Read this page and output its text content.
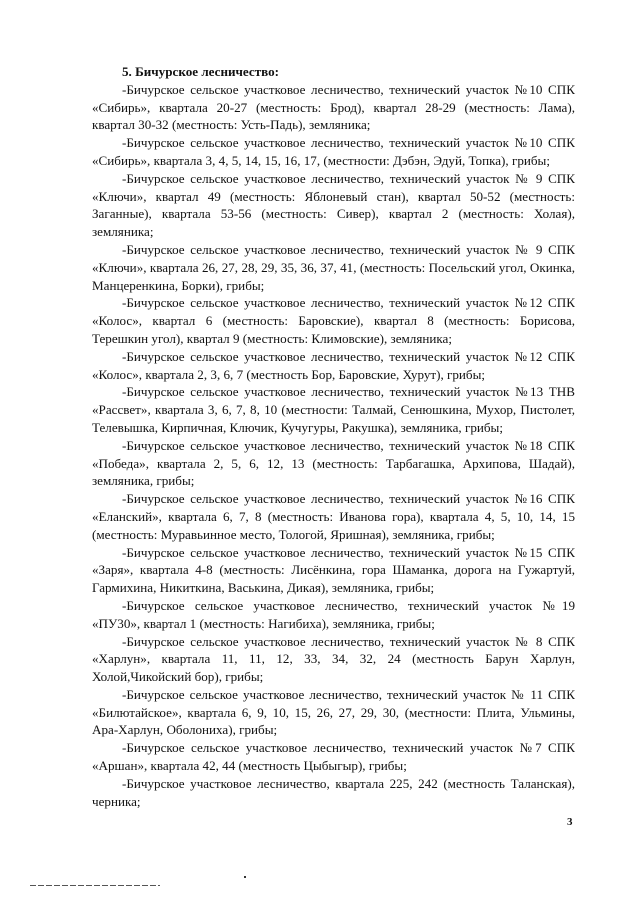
5. Бичурское лесничество:

-Бичурское сельское участковое лесничество, технический участок №10 СПК «Сибирь», квартала 20-27 (местность: Брод), квартал 28-29 (местность: Лама), квартал 30-32 (местность: Усть-Падь), земляника;

-Бичурское сельское участковое лесничество, технический участок №10 СПК «Сибирь», квартала 3, 4, 5, 14, 15, 16, 17, (местности: Дэбэн, Эдуй, Топка), грибы;

-Бичурское сельское участковое лесничество, технический участок № 9 СПК «Ключи», квартал 49 (местность: Яблоневый стан), квартал 50-52 (местность: Заганные), квартала 53-56 (местность: Сивер), квартал 2 (местность: Холая), земляника;

-Бичурское сельское участковое лесничество, технический участок № 9 СПК «Ключи», квартала 26, 27, 28, 29, 35, 36, 37, 41, (местность: Посельский угол, Окинка, Манцеренкина, Борки), грибы;

-Бичурское сельское участковое лесничество, технический участок №12 СПК «Колос», квартал 6 (местность: Баровские), квартал 8 (местность: Борисова, Терешкин угол), квартал 9 (местность: Климовские), земляника;

-Бичурское сельское участковое лесничество, технический участок №12 СПК «Колос», квартала 2, 3, 6, 7 (местность Бор, Баровские, Хурут), грибы;

-Бичурское сельское участковое лесничество, технический участок №13 ТНВ «Рассвет», квартала 3, 6, 7, 8, 10 (местности: Талмай, Сенюшкина, Мухор, Пистолет, Телевышка, Кирпичная, Ключик, Кучугуры, Ракушка), земляника, грибы;

-Бичурское сельское участковое лесничество, технический участок №18 СПК «Победа», квартала 2, 5, 6, 12, 13 (местность: Тарбагашка, Архипова, Шадай), земляника, грибы;

-Бичурское сельское участковое лесничество, технический участок №16 СПК «Еланский», квартала 6, 7, 8 (местность: Иванова гора), квартала 4, 5, 10, 14, 15 (местность: Муравьинное место, Тологой, Яришная), земляника, грибы;

-Бичурское сельское участковое лесничество, технический участок №15 СПК «Заря», квартала 4-8 (местность: Лисёнкина, гора Шаманка, дорога на Гужартуй, Гармихина, Никиткина, Васькина, Дикая), земляника, грибы;

-Бичурское сельское участковое лесничество, технический участок №19 «ПУ30», квартал 1 (местность: Нагибиха), земляника, грибы;

-Бичурское сельское участковое лесничество, технический участок № 8 СПК «Харлун», квартала 11, 11, 12, 33, 34, 32, 24 (местность Барун Харлун, Холой,Чикойский бор), грибы;

-Бичурское сельское участковое лесничество, технический участок № 11 СПК «Билютайское», квартала 6, 9, 10, 15, 26, 27, 29, 30, (местности: Плита, Ульмины, Ара-Харлун, Оболониха), грибы;

-Бичурское сельское участковое лесничество, технический участок №7 СПК «Аршан», квартала 42, 44 (местность Цыбыгыр), грибы;

-Бичурское участковое лесничество, квартала 225, 242 (местность Таланская), черника;

3
